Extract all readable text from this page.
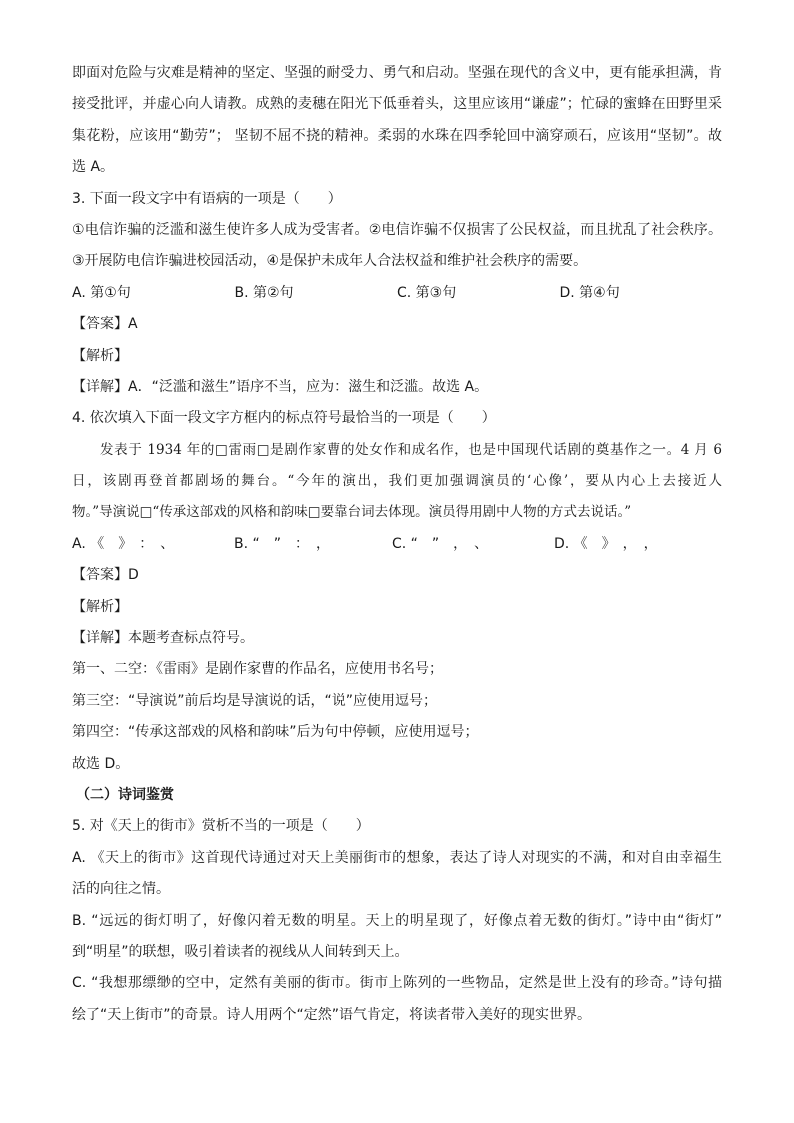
即面对危险与灾难是精神的坚定、坚强的耐受力、勇气和启动。坚强在现代的含义中，更有能承担满，肯
接受批评，并虚心向人请教。成熟的麦穗在阳光下低垂着头，这里应该用“谦虚”；忙碌的蜜蜂在田野里采
集花粉，应该用“勤劳”； 坚韧不屈不挠的精神。柔弱的水珠在四季轮回中滴穿顽石，应该用“坚韧”。故
选 A。
3. 下面一段文字中有语病的一项是（　　）
①电信诈骗的泛滥和滋生使许多人成为受害者。②电信诈骗不仅损害了公民权益，而且扰乱了社会秩序。
③开展防电信诈骗进校园活动，④是保护未成年人合法权益和维护社会秩序的需要。
A. 第①句	B. 第②句	C. 第③句	D. 第④句
【答案】A
【解析】
【详解】A．“泛滥和滋生”语序不当，应为：滋生和泛滥。故选 A。
4. 依次填入下面一段文字方框内的标点符号最恰当的一项是（　　）
发表于 1934 年的□雷雨□是剧作家曹的处女作和成名作，也是中国现代话剧的奠基作之一。4 月 6
日，该剧再登首都剧场的舞台。“今年的演出，我们更加强调演员的‘心像’，要从内心上去接近人
物。”导演说□“传承这部戏的风格和韵味□要靠台词去体现。演员得用剧中人物的方式去说话。”
A. 《　》　：　、	B. “　”　：　，	C. “　”　，　、	D. 《　》　，　，
【答案】D
【解析】
【详解】本题考查标点符号。
第一、二空：《雷雨》是剧作家曹的作品名，应使用书名号；
第三空：“导演说”前后均是导演说的话，“说”应使用逗号；
第四空：“传承这部戏的风格和韵味”后为句中停顿，应使用逗号；
故选 D。
（二）诗词鉴赏
5. 对《天上的街市》赏析不当的一项是（　　）
A. 《天上的街市》这首现代诗通过对天上美丽街市的想象，表达了诗人对现实的不满，和对自由幸福生
活的向往之情。
B. “远远的街灯明了，好像闪着无数的明星。天上的明星现了，好像点着无数的街灯。”诗中由“街灯”
到“明星”的联想，吸引着读者的视线从人间转到天上。
C. “我想那缥缈的空中，定然有美丽的街市。街市上陈列的一些物品，定然是世上没有的珍奇。”诗句描
绘了“天上街市”的奇景。诗人用两个“定然”语气肯定，将读者带入美好的现实世界。
